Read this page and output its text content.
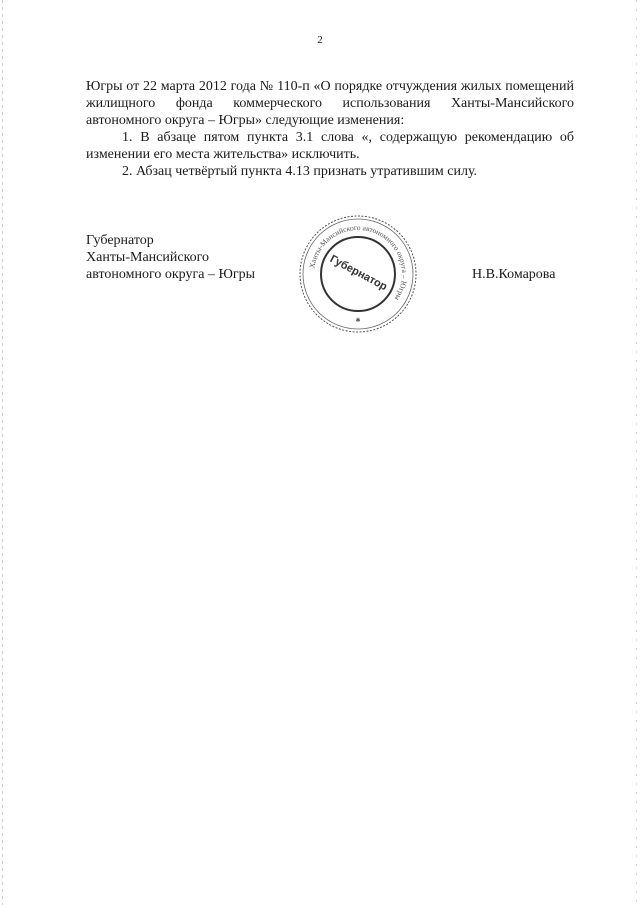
2

Югры от 22 марта 2012 года № 110-п «О порядке отчуждения жилых помещений жилищного фонда коммерческого использования Ханты-Мансийского автономного округа – Югры» следующие изменения:

1. В абзаце пятом пункта 3.1 слова «, содержащую рекомендацию об изменении его места жительства» исключить.

2. Абзац четвёртый пункта 4.13 признать утратившим силу.

Губернатор
Ханты-Мансийского
автономного округа – Югры
Ханты-Мансийского автономного округа – Югры
Губернатор
✱
Н.В.Комарова
